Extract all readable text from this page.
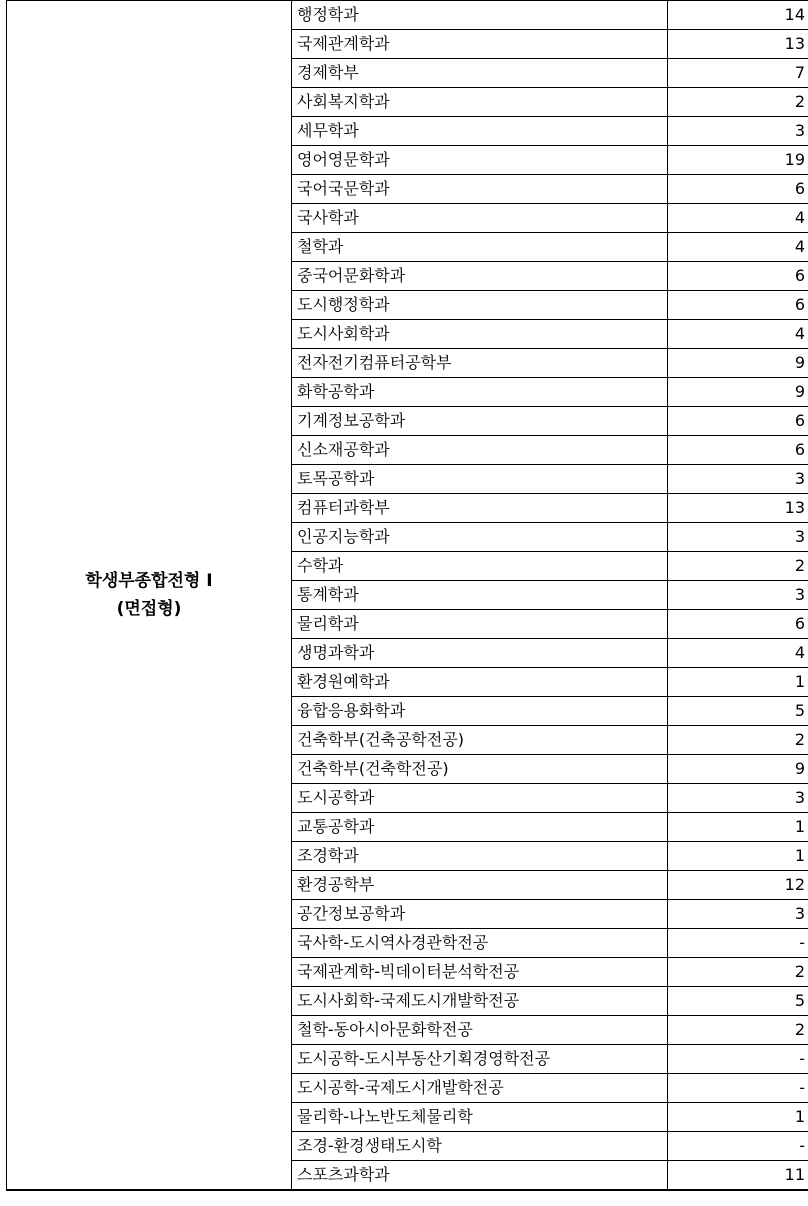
학생부종합전형 I
(면접형)	행정학과	14
	국제관계학과	13
	경제학부	7
	사회복지학과	2
	세무학과	3
	영어영문학과	19
	국어국문학과	6
	국사학과	4
	철학과	4
	중국어문화학과	6
	도시행정학과	6
	도시사회학과	4
	전자전기컴퓨터공학부	9
	화학공학과	9
	기계정보공학과	6
	신소재공학과	6
	토목공학과	3
	컴퓨터과학부	13
	인공지능학과	3
	수학과	2
	통계학과	3
	물리학과	6
	생명과학과	4
	환경원예학과	1
	융합응용화학과	5
	건축학부(건축공학전공)	2
	건축학부(건축학전공)	9
	도시공학과	3
	교통공학과	1
	조경학과	1
	환경공학부	12
	공간정보공학과	3
	국사학-도시역사경관학전공	-
	국제관계학-빅데이터분석학전공	2
	도시사회학-국제도시개발학전공	5
	철학-동아시아문화학전공	2
	도시공학-도시부동산기획경영학전공	-
	도시공학-국제도시개발학전공	-
	물리학-나노반도체물리학	1
	조경-환경생태도시학	-
	스포츠과학과	11
